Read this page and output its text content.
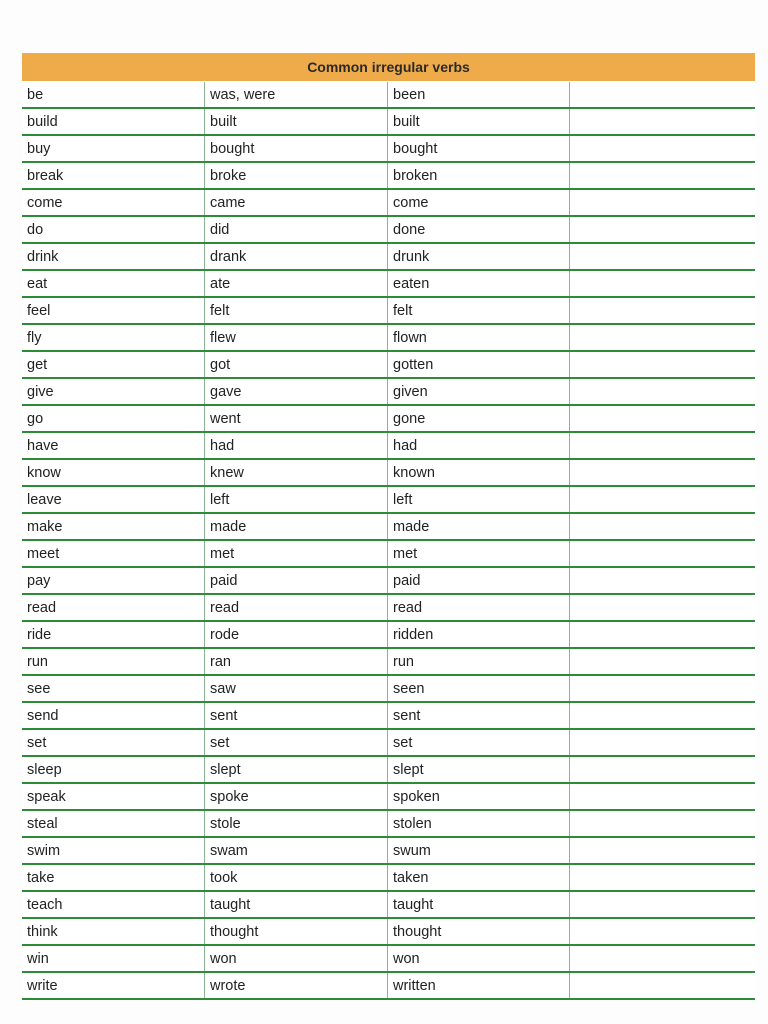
Common irregular verbs
be	was, were	been
build	built	built
buy	bought	bought
break	broke	broken
come	came	come
do	did	done
drink	drank	drunk
eat	ate	eaten
feel	felt	felt
fly	flew	flown
get	got	gotten
give	gave	given
go	went	gone
have	had	had
know	knew	known
leave	left	left
make	made	made
meet	met	met
pay	paid	paid
read	read	read
ride	rode	ridden
run	ran	run
see	saw	seen
send	sent	sent
set	set	set
sleep	slept	slept
speak	spoke	spoken
steal	stole	stolen
swim	swam	swum
take	took	taken
teach	taught	taught
think	thought	thought
win	won	won
write	wrote	written
